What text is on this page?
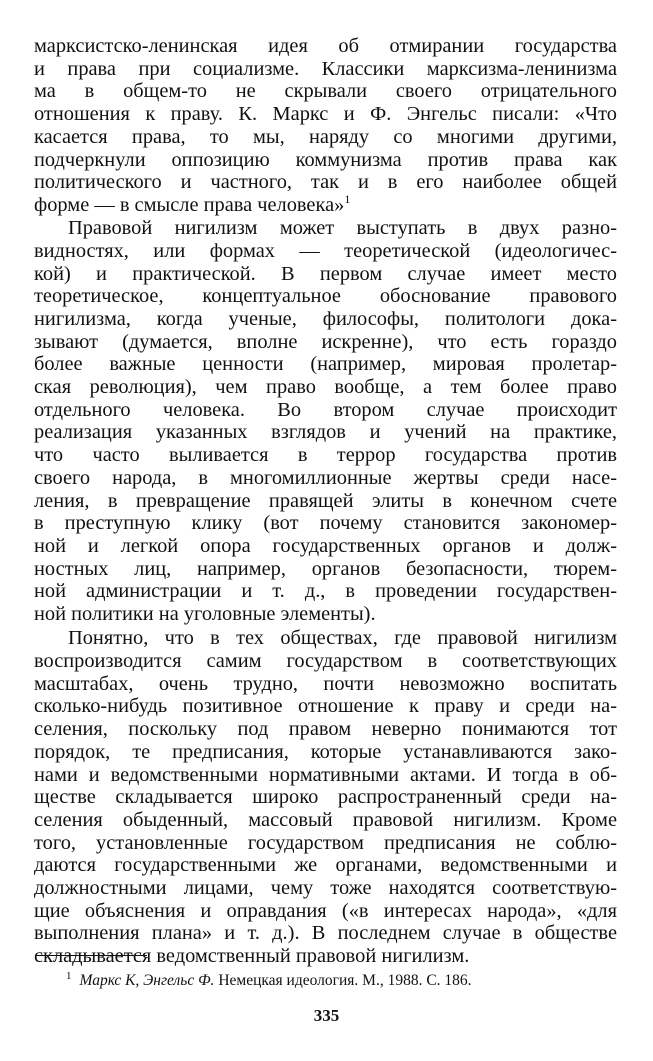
марксистско-ленинская идея об отмирании государства
и права при социализме. Классики марксизма-ленинизма
ма в общем-то не скрывали своего отрицательного
отношения к праву. К. Маркс и Ф. Энгельс писали: «Что
касается права, то мы, наряду со многими другими,
подчеркнули оппозицию коммунизма против права как
политического и частного, так и в его наиболее общей
форме — в смысле права человека»$^1$

Правовой нигилизм может выступать в двух разно-
видностях, или формах — теоретической (идеологичес-
кой) и практической. В первом случае имеет место
теоретическое, концептуальное обоснование правового
нигилизма, когда ученые, философы, политологи дока-
зывают (думается, вполне искренне), что есть гораздо
более важные ценности (например, мировая пролетар-
ская революция), чем право вообще, а тем более право
отдельного человека. Во втором случае происходит
реализация указанных взглядов и учений на практике,
что часто выливается в террор государства против
своего народа, в многомиллионные жертвы среди насе-
ления, в превращение правящей элиты в конечном счете
в преступную клику (вот почему становится закономер-
ной и легкой опора государственных органов и долж-
ностных лиц, например, органов безопасности, тюрем-
ной администрации и т. д., в проведении государствен-
ной политики на уголовные элементы).

Понятно, что в тех обществах, где правовой нигилизм
воспроизводится самим государством в соответствующих
масштабах, очень трудно, почти невозможно воспитать
сколько-нибудь позитивное отношение к праву и среди на-
селения, поскольку под правом неверно понимаются тот
порядок, те предписания, которые устанавливаются зако-
нами и ведомственными нормативными актами. И тогда в об-
ществе складывается широко распространенный среди на-
селения обыденный, массовый правовой нигилизм. Кроме
того, установленные государством предписания не соблю-
даются государственными же органами, ведомственными и
должностными лицами, чему тоже находятся соответствую-
щие объяснения и оправдания («в интересах народа», «для
выполнения плана» и т. д.). В последнем случае в обществе
складывается ведомственный правовой нигилизм.

$^1$ Маркс К, Энгельс Ф. Немецкая идеология. М., 1988. С. 186.
335
